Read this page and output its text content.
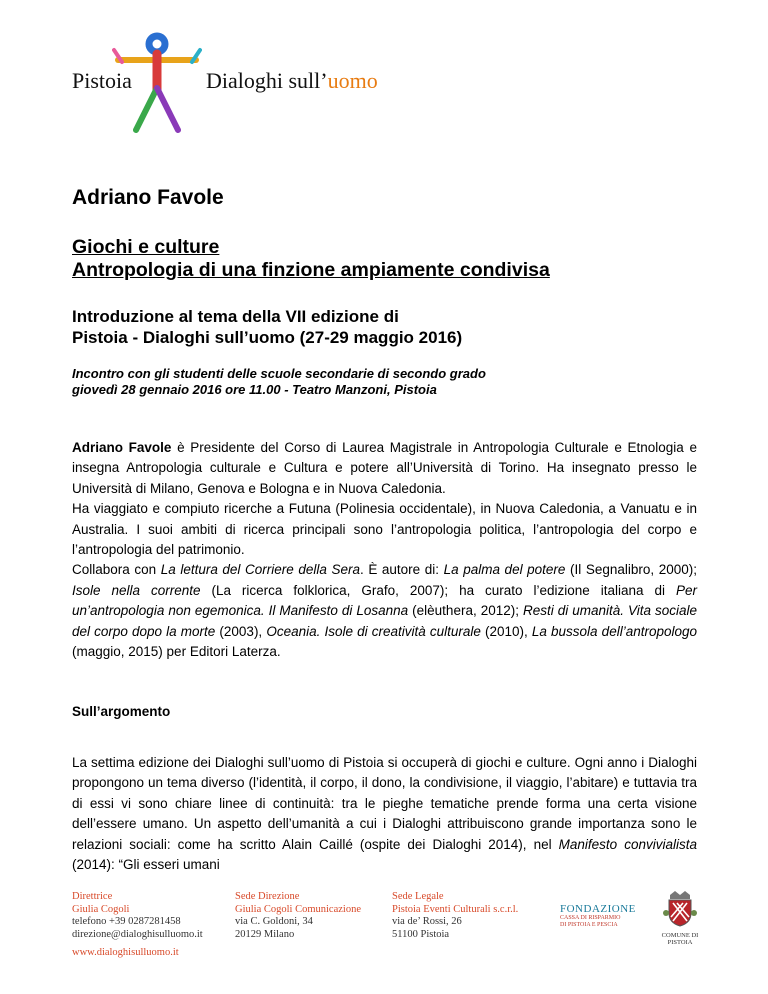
Pistoia	Dialoghi sull’uomo
Adriano Favole
Giochi e culture
Antropologia di una finzione ampiamente condivisa
Introduzione al tema della VII edizione di
Pistoia - Dialoghi sull’uomo (27-29 maggio 2016)
Incontro con gli studenti delle scuole secondarie di secondo grado
giovedì 28 gennaio 2016 ore 11.00 - Teatro Manzoni, Pistoia

Adriano Favole è Presidente del Corso di Laurea Magistrale in Antropologia Culturale e Etnologia e insegna Antropologia culturale e Cultura e potere all’Università di Torino. Ha insegnato presso le Università di Milano, Genova e Bologna e in Nuova Caledonia.

Ha viaggiato e compiuto ricerche a Futuna (Polinesia occidentale), in Nuova Caledonia, a Vanuatu e in Australia. I suoi ambiti di ricerca principali sono l’antropologia politica, l’antropologia del corpo e l’antropologia del patrimonio.

Collabora con La lettura del Corriere della Sera. È autore di: La palma del potere (Il Segnalibro, 2000); Isole nella corrente (La ricerca folklorica, Grafo, 2007); ha curato l’edizione italiana di Per un’antropologia non egemonica. Il Manifesto di Losanna (elèuthera, 2012); Resti di umanità. Vita sociale del corpo dopo la morte (2003), Oceania. Isole di creatività culturale (2010), La bussola dell’antropologo (maggio, 2015) per Editori Laterza.

Sull’argomento

La settima edizione dei Dialoghi sull’uomo di Pistoia si occuperà di giochi e culture. Ogni anno i Dialoghi propongono un tema diverso (l’identità, il corpo, il dono, la condivisione, il viaggio, l’abitare) e tuttavia tra di essi vi sono chiare linee di continuità: tra le pieghe tematiche prende forma una certa visione dell’essere umano. Un aspetto dell’umanità a cui i Dialoghi attribuiscono grande importanza sono le relazioni sociali: come ha scritto Alain Caillé (ospite dei Dialoghi 2014), nel Manifesto convivialista (2014): “Gli esseri umani

Direttrice
Giulia Cogoli
telefono +39 0287281458
direzione@dialoghisulluomo.it
Sede Direzione
Giulia Cogoli Comunicazione
via C. Goldoni, 34
20129 Milano
Sede Legale
Pistoia Eventi Culturali s.c.r.l.
via de’ Rossi, 26
51100 Pistoia
www.dialoghisulluomo.it
FONDAZIONE
CASSA DI RISPARMIO
DI PISTOIA E PESCIA
COMUNE DI PISTOIA
